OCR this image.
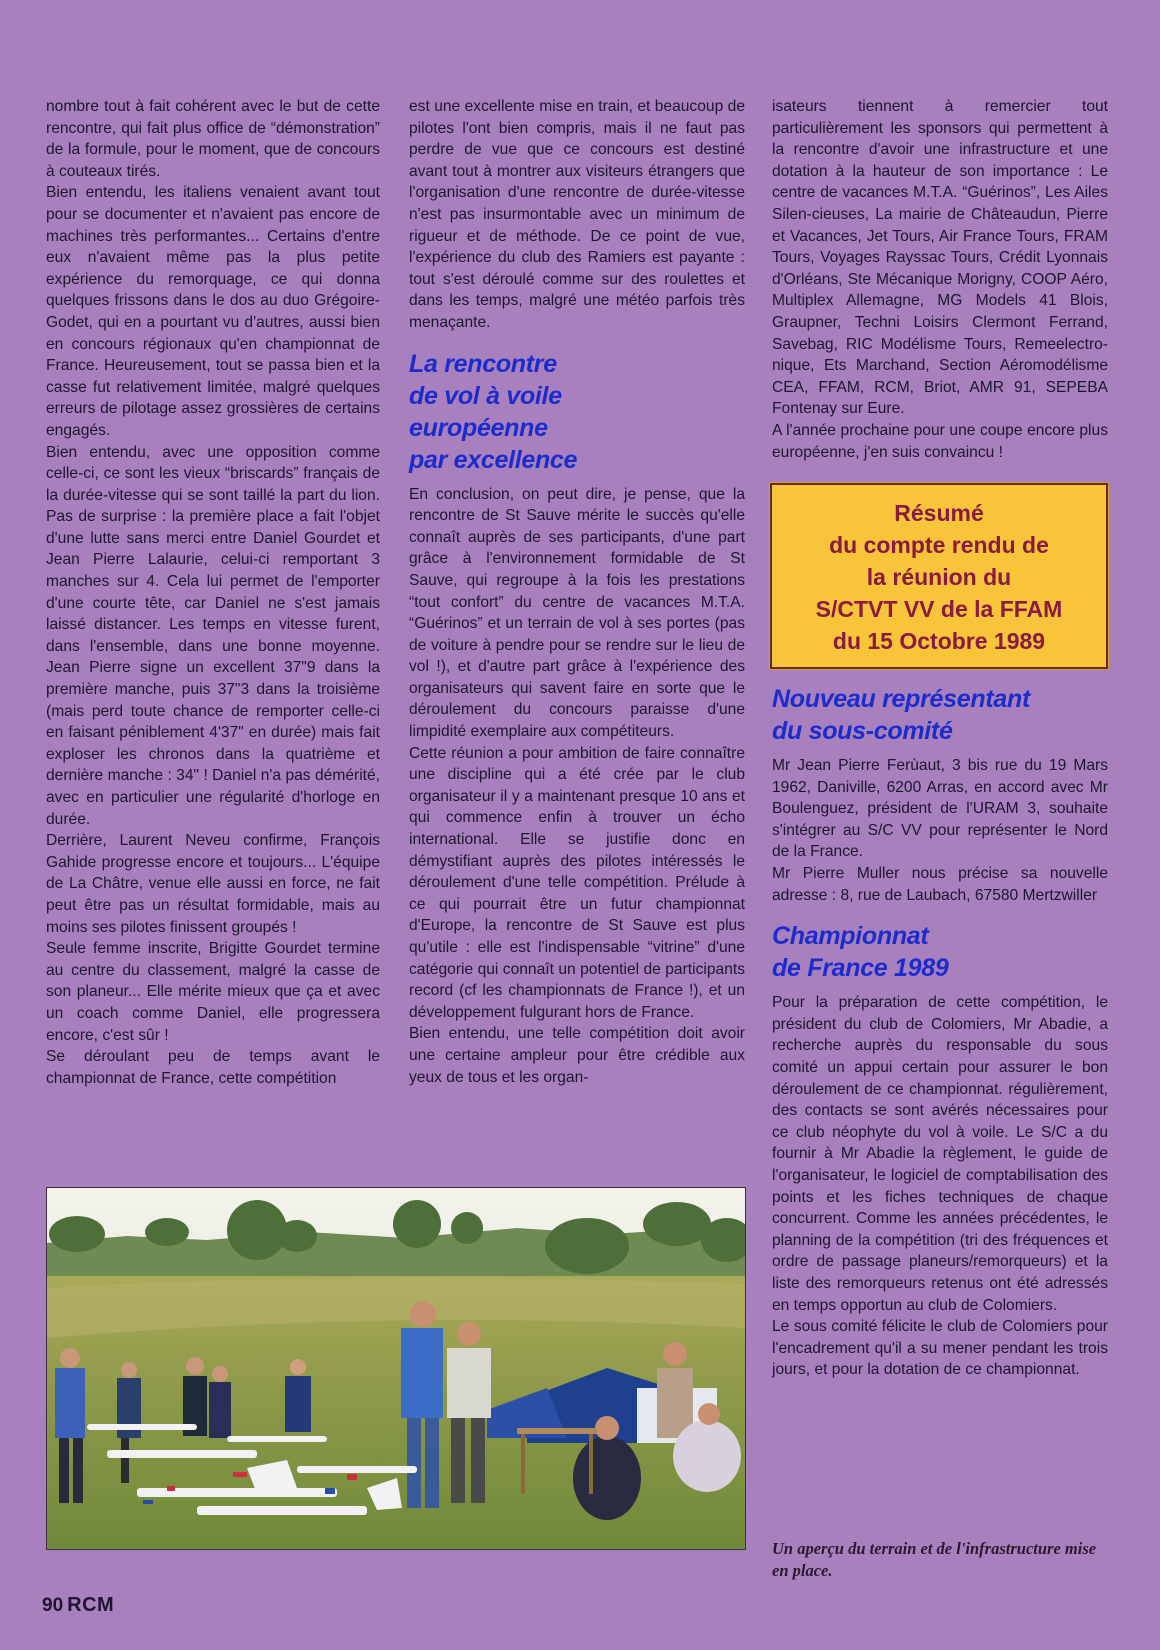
nombre tout à fait cohérent avec le but de cette rencontre, qui fait plus office de “démonstration” de la formule, pour le moment, que de concours à couteaux tirés.

Bien entendu, les italiens venaient avant tout pour se documenter et n'avaient pas encore de machines très performantes... Certains d'entre eux n'avaient même pas la plus petite expérience du remorquage, ce qui donna quelques frissons dans le dos au duo Grégoire-Godet, qui en a pourtant vu d'autres, aussi bien en concours régionaux qu'en championnat de France. Heureusement, tout se passa bien et la casse fut relativement limitée, malgré quelques erreurs de pilotage assez grossières de certains engagés.

Bien entendu, avec une opposition comme celle-ci, ce sont les vieux “briscards” français de la durée-vitesse qui se sont taillé la part du lion. Pas de surprise : la première place a fait l'objet d'une lutte sans merci entre Daniel Gourdet et Jean Pierre Lalaurie, celui-ci remportant 3 manches sur 4. Cela lui permet de l'emporter d'une courte tête, car Daniel ne s'est jamais laissé distancer. Les temps en vitesse furent, dans l'ensemble, dans une bonne moyenne. Jean Pierre signe un excellent 37"9 dans la première manche, puis 37"3 dans la troisième (mais perd toute chance de remporter celle-ci en faisant péniblement 4'37" en durée) mais fait exploser les chronos dans la quatrième et dernière manche : 34" ! Daniel n'a pas démérité, avec en particulier une régularité d'horloge en durée.

Derrière, Laurent Neveu confirme, François Gahide progresse encore et toujours... L'équipe de La Châtre, venue elle aussi en force, ne fait peut être pas un résultat formidable, mais au moins ses pilotes finissent groupés !

Seule femme inscrite, Brigitte Gourdet termine au centre du classement, malgré la casse de son planeur... Elle mérite mieux que ça et avec un coach comme Daniel, elle progressera encore, c'est sûr !

Se déroulant peu de temps avant le championnat de France, cette compétition

est une excellente mise en train, et beaucoup de pilotes l'ont bien compris, mais il ne faut pas perdre de vue que ce concours est destiné avant tout à montrer aux visiteurs étrangers que l'organisation d'une rencontre de durée-vitesse n'est pas insurmontable avec un minimum de rigueur et de méthode. De ce point de vue, l'expérience du club des Ramiers est payante : tout s'est déroulé comme sur des roulettes et dans les temps, malgré une météo parfois très menaçante.

La rencontre
de vol à voile
européenne
par excellence

En conclusion, on peut dire, je pense, que la rencontre de St Sauve mérite le succès qu'elle connaît auprès de ses participants, d'une part grâce à l'environnement formidable de St Sauve, qui regroupe à la fois les prestations “tout confort” du centre de vacances M.T.A. “Guérinos” et un terrain de vol à ses portes (pas de voiture à pendre pour se rendre sur le lieu de vol !), et d'autre part grâce à l'expérience des organisateurs qui savent faire en sorte que le déroulement du concours paraisse d'une limpidité exemplaire aux compétiteurs.

Cette réunion a pour ambition de faire connaître une discipline qui a été crée par le club organisateur il y a maintenant presque 10 ans et qui commence enfin à trouver un écho international. Elle se justifie donc en démystifiant auprès des pilotes intéressés le déroulement d'une telle compétition. Prélude à ce qui pourrait être un futur championnat d'Europe, la rencontre de St Sauve est plus qu'utile : elle est l'indispensable “vitrine” d'une catégorie qui connaît un potentiel de participants record (cf les championnats de France !), et un développement fulgurant hors de France.

Bien entendu, une telle compétition doit avoir une certaine ampleur pour être crédible aux yeux de tous et les organ-

isateurs tiennent à remercier tout particulièrement les sponsors qui permettent à la rencontre d'avoir une infrastructure et une dotation à la hauteur de son importance : Le centre de vacances M.T.A. “Guérinos”, Les Ailes Silen-cieuses, La mairie de Châteaudun, Pierre et Vacances, Jet Tours, Air France Tours, FRAM Tours, Voyages Rayssac Tours, Crédit Lyonnais d'Orléans, Ste Mécanique Morigny, COOP Aéro, Multiplex Allemagne, MG Models 41 Blois, Graupner, Techni Loisirs Clermont Ferrand, Savebag, RIC Modélisme Tours, Remeelectro-nique, Ets Marchand, Section Aéromodélisme CEA, FFAM, RCM, Briot, AMR 91, SEPEBA Fontenay sur Eure.

A l'année prochaine pour une coupe encore plus européenne, j'en suis convaincu !

Résumé
du compte rendu de
la réunion du
S/CTVT VV de la FFAM
du 15 Octobre 1989
Nouveau représentant
du sous-comité

Mr Jean Pierre Ferùaut, 3 bis rue du 19 Mars 1962, Daniville, 6200 Arras, en accord avec Mr Boulenguez, président de l'URAM 3, souhaite s'intégrer au S/C VV pour représenter le Nord de la France.

Mr Pierre Muller nous précise sa nouvelle adresse : 8, rue de Laubach, 67580 Mertzwiller

Championnat
de France 1989

Pour la préparation de cette compétition, le président du club de Colomiers, Mr Abadie, a recherche auprès du responsable du sous comité un appui certain pour assurer le bon déroulement de ce championnat. régulièrement, des contacts se sont avérés nécessaires pour ce club néophyte du vol à voile. Le S/C a du fournir à Mr Abadie la règlement, le guide de l'organisateur, le logiciel de comptabilisation des points et les fiches techniques de chaque concurrent. Comme les années précédentes, le planning de la compétition (tri des fréquences et ordre de passage planeurs/remorqueurs) et la liste des remorqueurs retenus ont été adressés en temps opportun au club de Colomiers.

Le sous comité félicite le club de Colomiers pour l'encadrement qu'il a su mener pendant les trois jours, et pour la dotation de ce championnat.

Un aperçu du terrain et de l'infrastructure mise en place.
90 RCM
